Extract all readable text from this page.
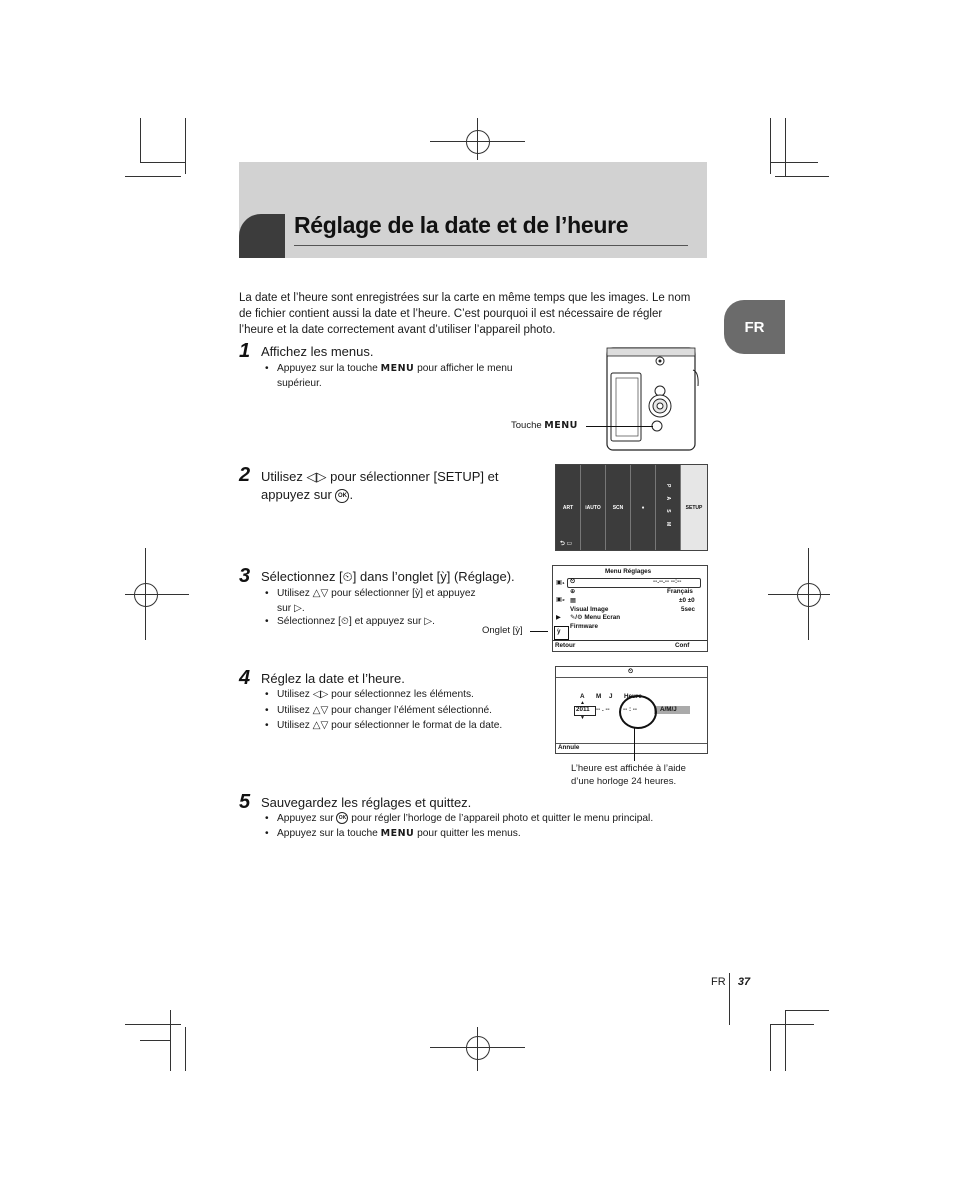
Réglage de la date et de l’heure
FR
La date et l’heure sont enregistrées sur la carte en même temps que les images. Le nom de fichier contient aussi la date et l’heure. C’est pourquoi il est nécessaire de régler l’heure et la date correctement avant d’utiliser l’appareil photo.
1 Affichez les menus.
• Appuyez sur la touche MENU pour afficher le menu supérieur.
Touche MENU
2 Utilisez ◁▷ pour sélectionner [SETUP] et appuyez sur OK .
ART	iAUTO	SCN	♦	P A S M	SETUP
⮌ ▭
3 Sélectionnez [⏲] dans l’onglet [ỳ] (Réglage).
• Utilisez △▽ pour sélectionner [ỳ] et appuyez sur ▷.
• Sélectionnez [⏲] et appuyez sur ▷.
Onglet [ỳ]
Menu Réglages
⏲	--.--.-- --:--
▣₁
▣₂
▶
⊕	Français
▦	±0 ±0
Visual Image	5sec
✎/⚙ Menu Ecran
Firmware
ỳ
Retour	Conf
4 Réglez la date et l’heure.
• Utilisez ◁▷ pour sélectionnez les éléments.
• Utilisez △▽ pour changer l’élément sélectionné.
• Utilisez △▽ pour sélectionner le format de la date.
⏲
A M J Heure
▲
2011 -- . -- -- : --	A/M/J
▼
Annule
L’heure est affichée à l’aide d’une horloge 24 heures.
5 Sauvegardez les réglages et quittez.
• Appuyez sur OK pour régler l’horloge de l’appareil photo et quitter le menu principal.
• Appuyez sur la touche MENU pour quitter les menus.
FR 37
